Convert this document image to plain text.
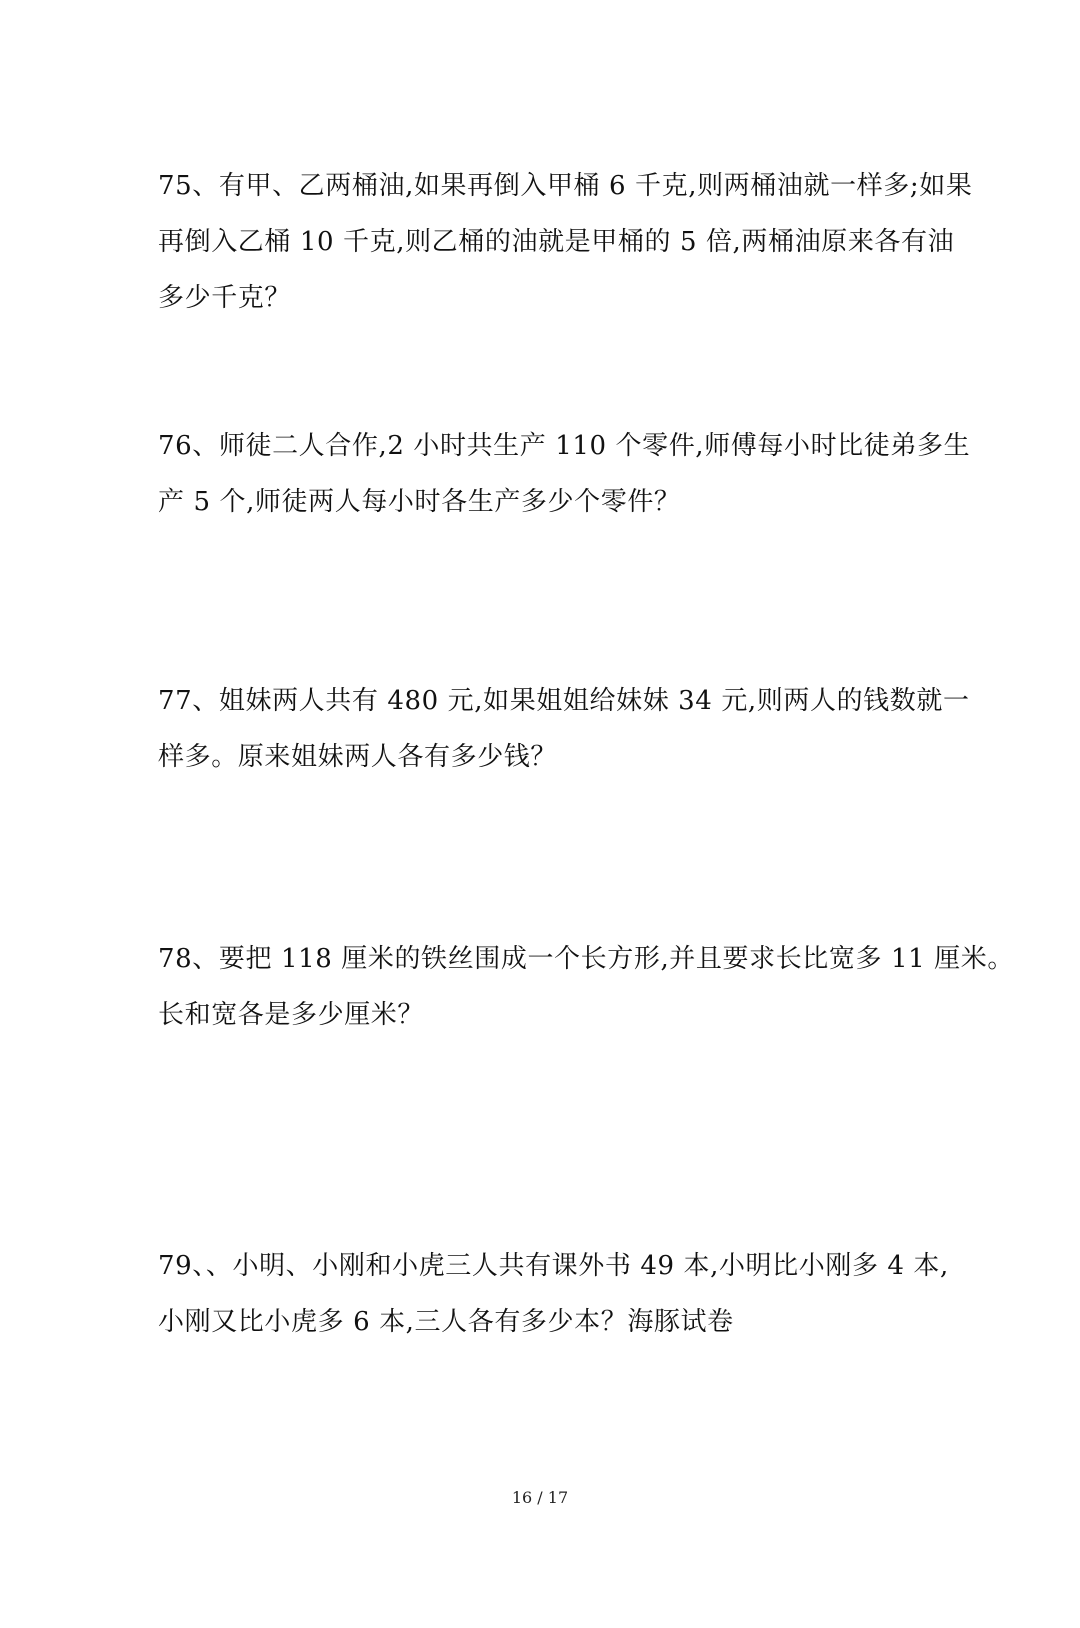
75、有甲、乙两桶油,如果再倒入甲桶 6 千克,则两桶油就一样多;如果
再倒入乙桶 10 千克,则乙桶的油就是甲桶的 5 倍,两桶油原来各有油
多少千克？
76、师徒二人合作,2 小时共生产 110 个零件,师傅每小时比徒弟多生
产 5 个,师徒两人每小时各生产多少个零件？
77、姐妹两人共有 480 元,如果姐姐给妹妹 34 元,则两人的钱数就一
样多。原来姐妹两人各有多少钱？
78、要把 118 厘米的铁丝围成一个长方形,并且要求长比宽多 11 厘米。
长和宽各是多少厘米？
79、、小明、小刚和小虎三人共有课外书 49 本,小明比小刚多 4 本,
小刚又比小虎多 6 本,三人各有多少本？海豚试卷
16 / 17
